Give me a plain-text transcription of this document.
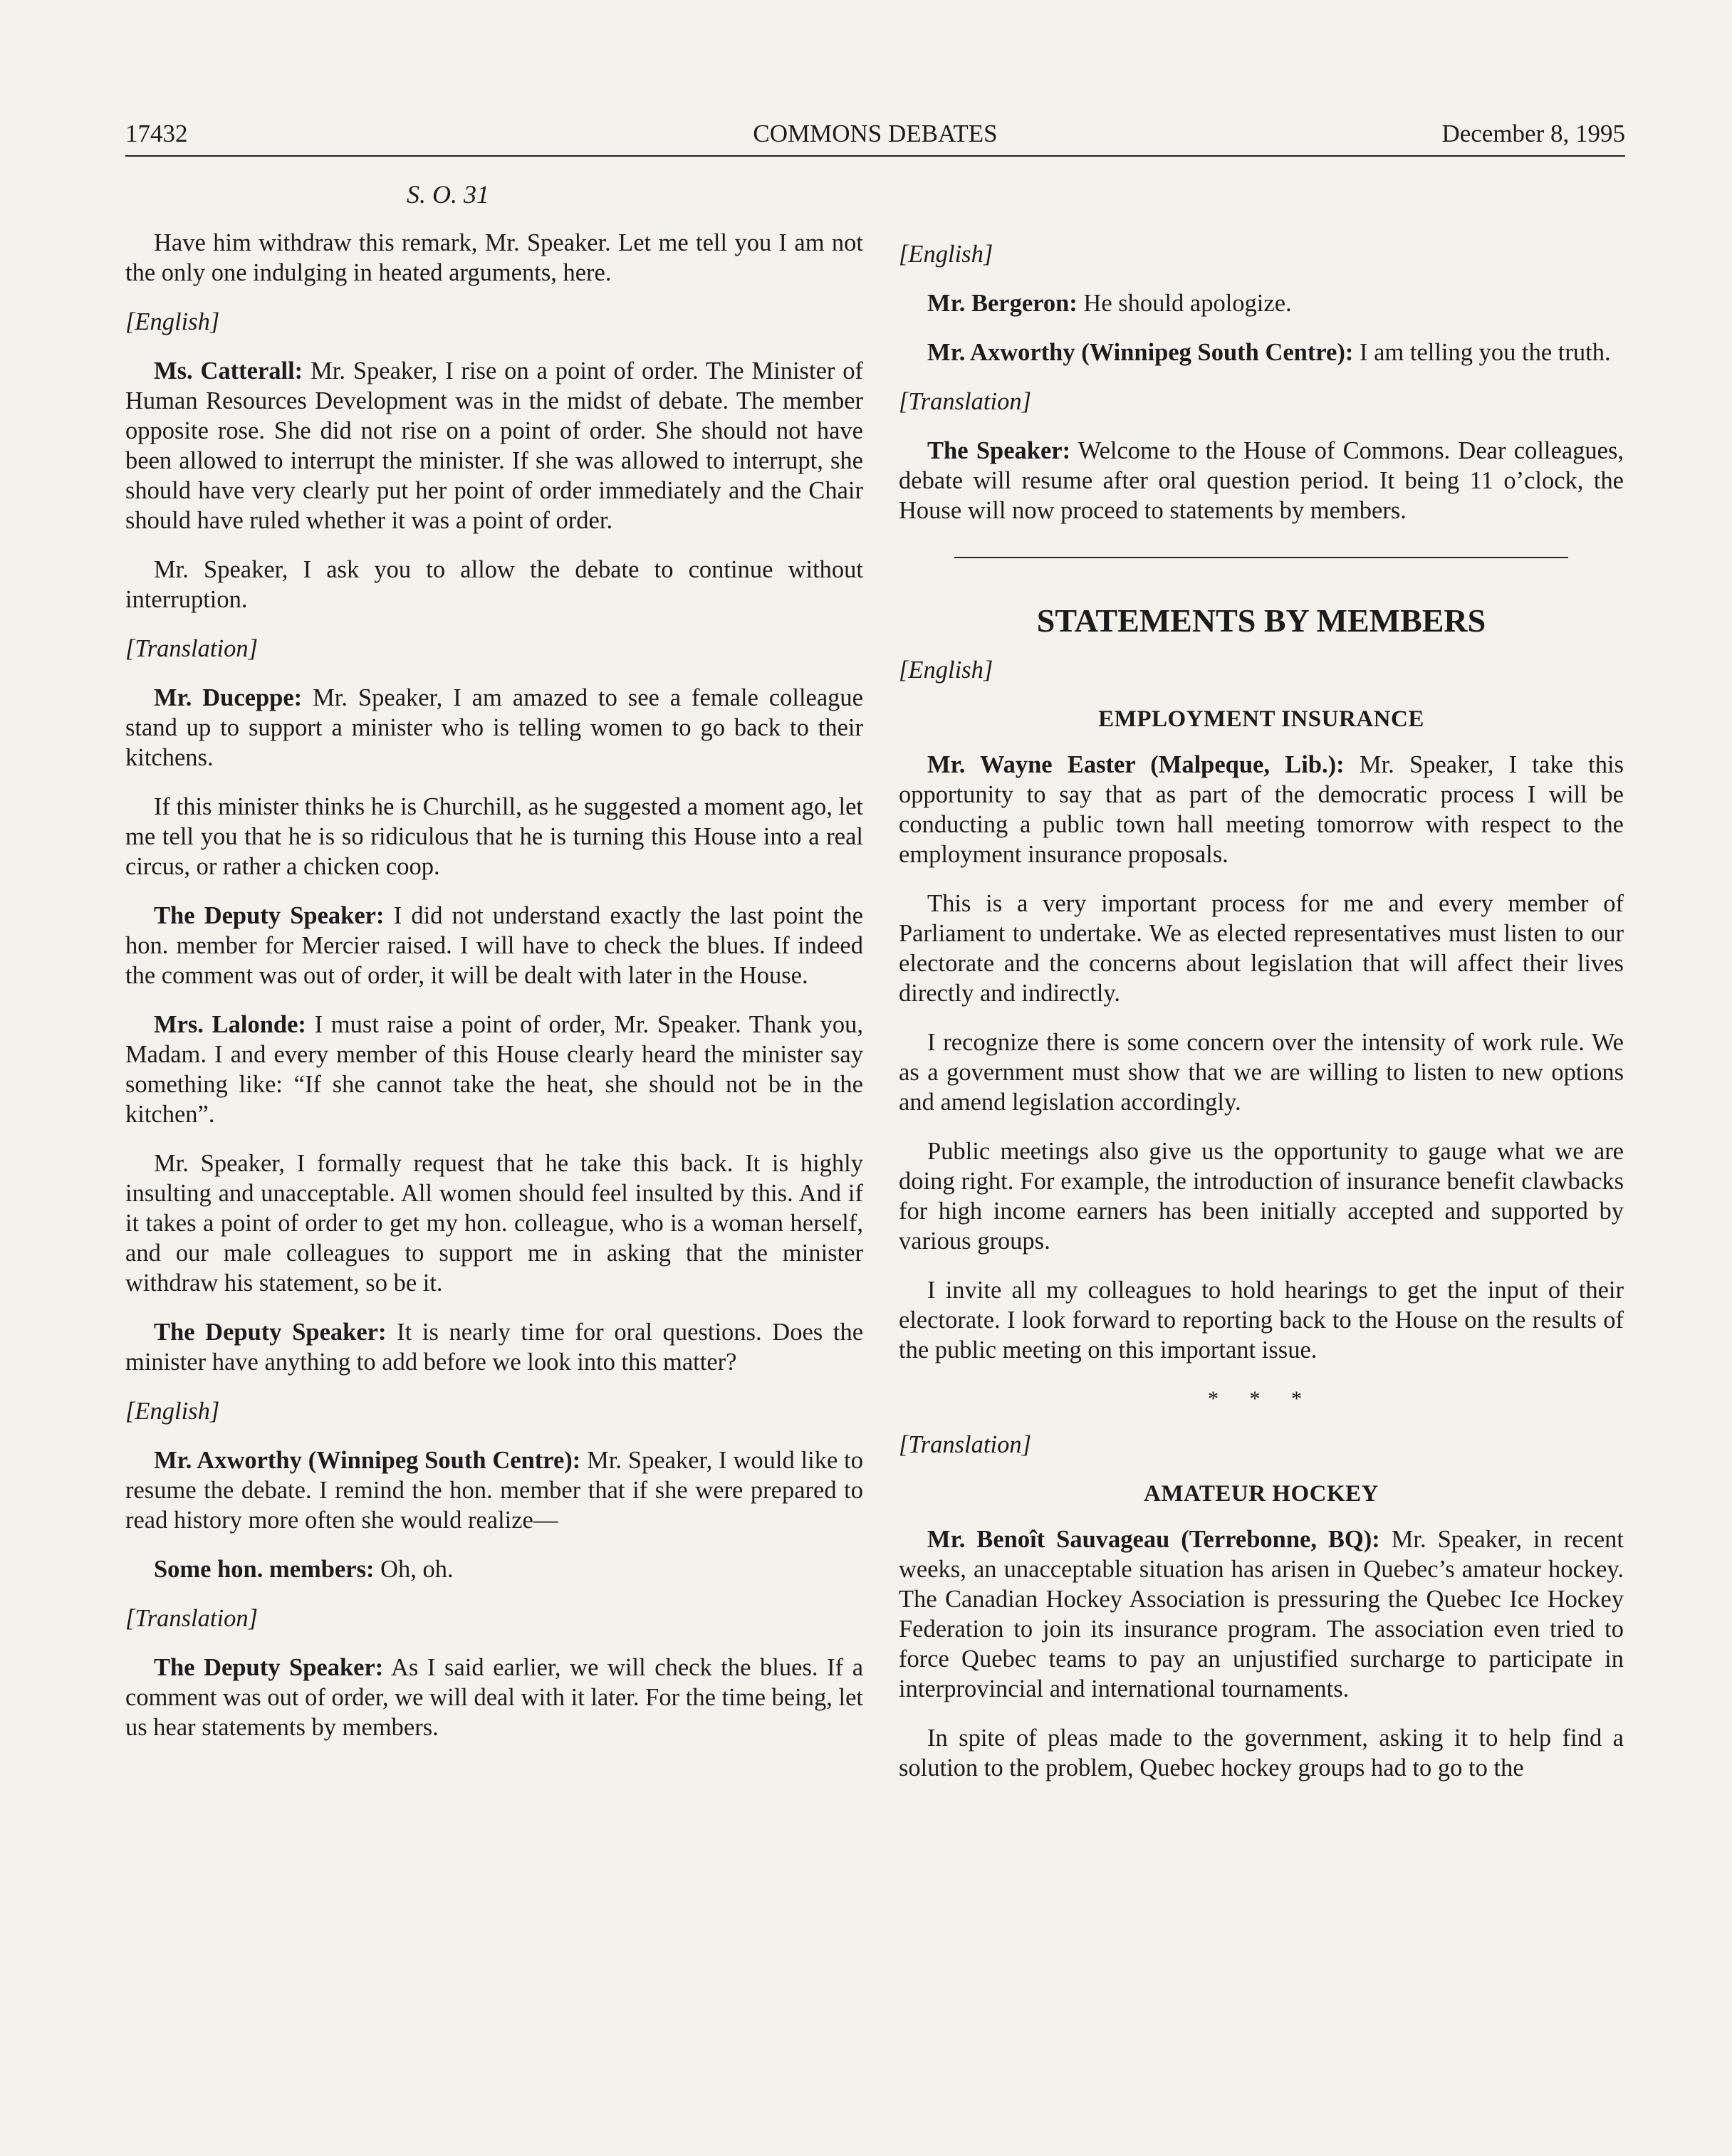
17432	COMMONS DEBATES	December 8, 1995
S. O. 31

Have him withdraw this remark, Mr. Speaker. Let me tell you I am not the only one indulging in heated arguments, here.

[English]

Ms. Catterall: Mr. Speaker, I rise on a point of order. The Minister of Human Resources Development was in the midst of debate. The member opposite rose. She did not rise on a point of order. She should not have been allowed to interrupt the minister. If she was allowed to interrupt, she should have very clearly put her point of order immediately and the Chair should have ruled whether it was a point of order.

Mr. Speaker, I ask you to allow the debate to continue without interruption.

[Translation]

Mr. Duceppe: Mr. Speaker, I am amazed to see a female colleague stand up to support a minister who is telling women to go back to their kitchens.

If this minister thinks he is Churchill, as he suggested a moment ago, let me tell you that he is so ridiculous that he is turning this House into a real circus, or rather a chicken coop.

The Deputy Speaker: I did not understand exactly the last point the hon. member for Mercier raised. I will have to check the blues. If indeed the comment was out of order, it will be dealt with later in the House.

Mrs. Lalonde: I must raise a point of order, Mr. Speaker. Thank you, Madam. I and every member of this House clearly heard the minister say something like: “If she cannot take the heat, she should not be in the kitchen”.

Mr. Speaker, I formally request that he take this back. It is highly insulting and unacceptable. All women should feel insulted by this. And if it takes a point of order to get my hon. colleague, who is a woman herself, and our male colleagues to support me in asking that the minister withdraw his statement, so be it.

The Deputy Speaker: It is nearly time for oral questions. Does the minister have anything to add before we look into this matter?

[English]

Mr. Axworthy (Winnipeg South Centre): Mr. Speaker, I would like to resume the debate. I remind the hon. member that if she were prepared to read history more often she would realize—

Some hon. members: Oh, oh.

[Translation]

The Deputy Speaker: As I said earlier, we will check the blues. If a comment was out of order, we will deal with it later. For the time being, let us hear statements by members.

[English]

Mr. Bergeron: He should apologize.

Mr. Axworthy (Winnipeg South Centre): I am telling you the truth.

[Translation]

The Speaker: Welcome to the House of Commons. Dear colleagues, debate will resume after oral question period. It being 11 o’clock, the House will now proceed to statements by members.

STATEMENTS BY MEMBERS

[English]

EMPLOYMENT INSURANCE

Mr. Wayne Easter (Malpeque, Lib.): Mr. Speaker, I take this opportunity to say that as part of the democratic process I will be conducting a public town hall meeting tomorrow with respect to the employment insurance proposals.

This is a very important process for me and every member of Parliament to undertake. We as elected representatives must listen to our electorate and the concerns about legislation that will affect their lives directly and indirectly.

I recognize there is some concern over the intensity of work rule. We as a government must show that we are willing to listen to new options and amend legislation accordingly.

Public meetings also give us the opportunity to gauge what we are doing right. For example, the introduction of insurance benefit clawbacks for high income earners has been initially accepted and supported by various groups.

I invite all my colleagues to hold hearings to get the input of their electorate. I look forward to reporting back to the House on the results of the public meeting on this important issue.

* * *

[Translation]

AMATEUR HOCKEY

Mr. Benoît Sauvageau (Terrebonne, BQ): Mr. Speaker, in recent weeks, an unacceptable situation has arisen in Quebec’s amateur hockey. The Canadian Hockey Association is pressuring the Quebec Ice Hockey Federation to join its insurance program. The association even tried to force Quebec teams to pay an unjustified surcharge to participate in interprovincial and international tournaments.

In spite of pleas made to the government, asking it to help find a solution to the problem, Quebec hockey groups had to go to the
